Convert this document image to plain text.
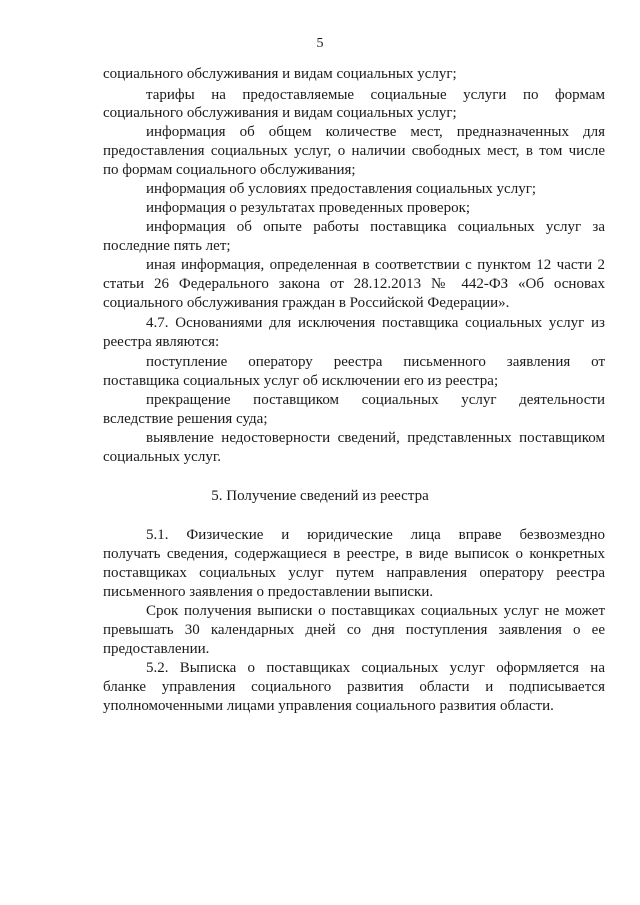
5
социального обслуживания и видам социальных услуг;
тарифы на предоставляемые социальные услуги по формам
социального обслуживания и видам социальных услуг;
информация об общем количестве мест, предназначенных для
предоставления социальных услуг, о наличии свободных мест, в том числе
по формам социального обслуживания;
информация об условиях предоставления социальных услуг;
информация о результатах проведенных проверок;
информация об опыте работы поставщика социальных услуг за
последние пять лет;
иная информация, определенная в соответствии с пунктом 12 части 2
статьи 26 Федерального закона от 28.12.2013 № 442-ФЗ «Об основах
социального обслуживания граждан в Российской Федерации».
4.7. Основаниями для исключения поставщика социальных услуг из
реестра являются:
поступление оператору реестра письменного заявления от
поставщика социальных услуг об исключении его из реестра;
прекращение поставщиком социальных услуг деятельности
вследствие решения суда;
выявление недостоверности сведений, представленных поставщиком
социальных услуг.
5. Получение сведений из реестра
5.1. Физические и юридические лица вправе безвозмездно
получать сведения, содержащиеся в реестре, в виде выписок о конкретных
поставщиках социальных услуг путем направления оператору реестра
письменного заявления о предоставлении выписки.
Срок получения выписки о поставщиках социальных услуг не может
превышать 30 календарных дней со дня поступления заявления о ее
предоставлении.
5.2. Выписка о поставщиках социальных услуг оформляется на
бланке управления социального развития области и подписывается
уполномоченными лицами управления социального развития области.
